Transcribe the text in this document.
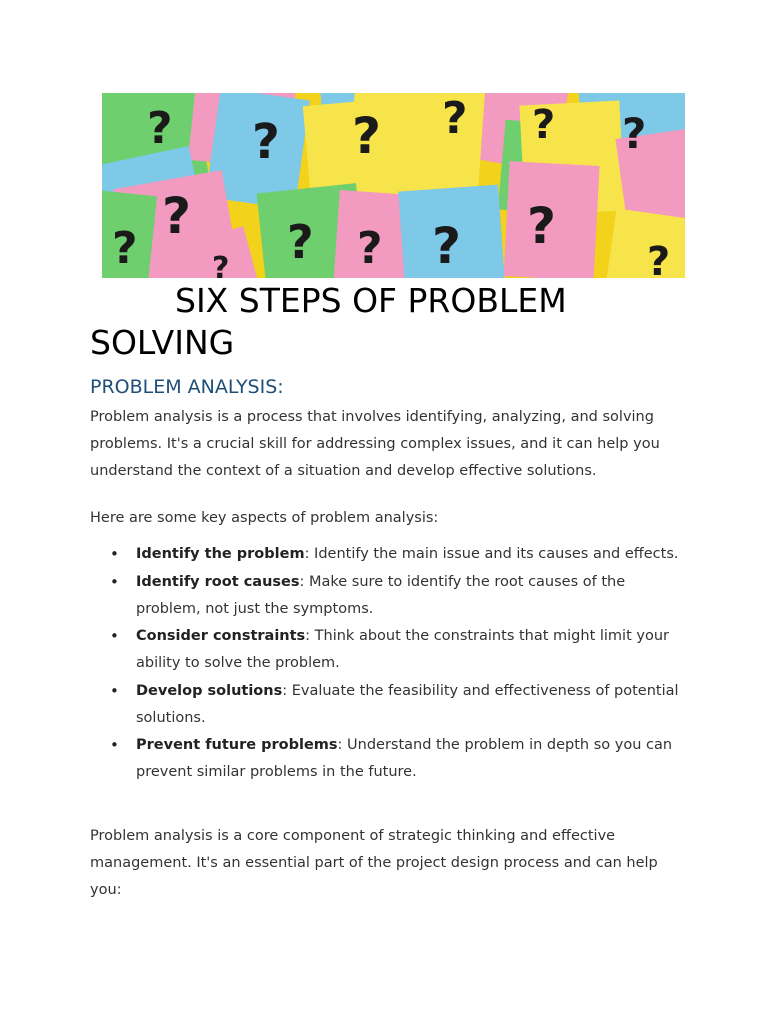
? ? ? ? ? ?
?
?	? ? ? ?
?
?
SIX STEPS OF PROBLEM SOLVING
PROBLEM ANALYSIS:

Problem analysis is a process that involves identifying, analyzing, and solving problems. It's a crucial skill for addressing complex issues, and it can help you understand the context of a situation and develop effective solutions.

Here are some key aspects of problem analysis:

• Identify the problem: Identify the main issue and its causes and effects.
• Identify root causes: Make sure to identify the root causes of the problem, not just the symptoms.
• Consider constraints: Think about the constraints that might limit your ability to solve the problem.
• Develop solutions: Evaluate the feasibility and effectiveness of potential solutions.
• Prevent future problems: Understand the problem in depth so you can prevent similar problems in the future.

Problem analysis is a core component of strategic thinking and effective management. It's an essential part of the project design process and can help you:
